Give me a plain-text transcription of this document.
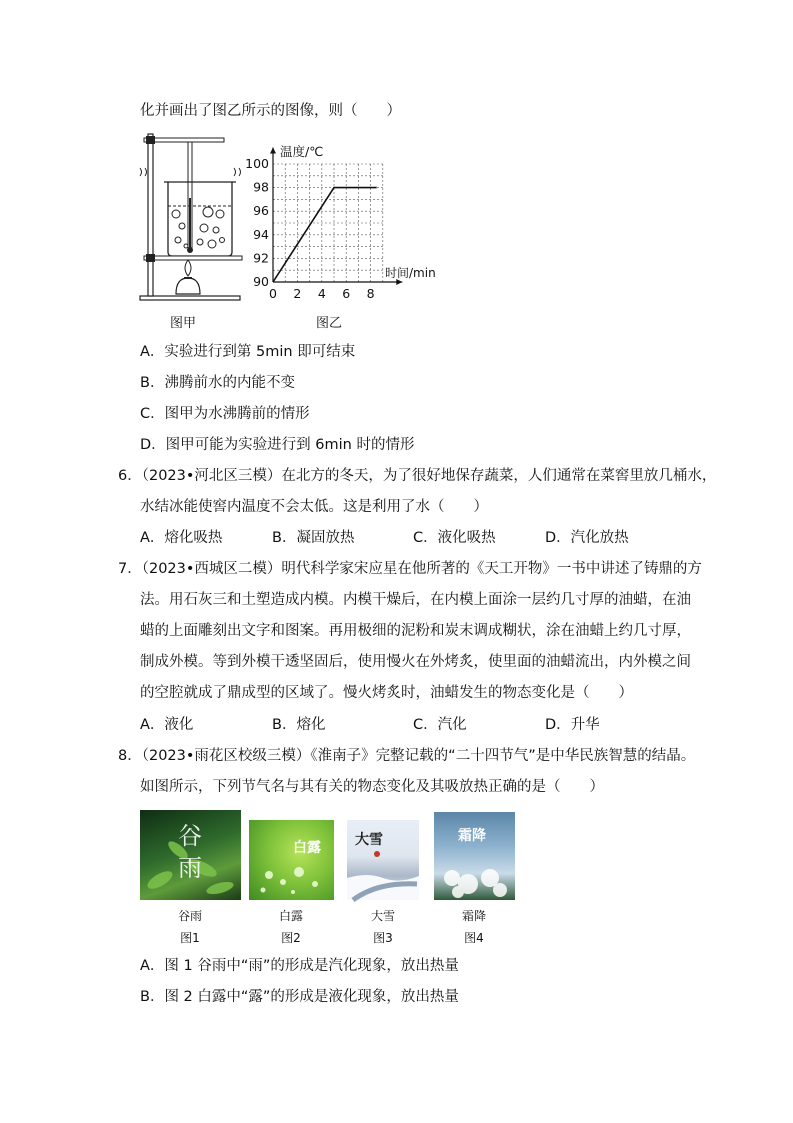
化并画出了图乙所示的图像，则（　　）
图甲
0 2 4 6 8
90
92
94
96
98
100
温度/℃
时间/min
图乙
A．实验进行到第 5min 即可结束
B．沸腾前水的内能不变
C．图甲为水沸腾前的情形
D．图甲可能为实验进行到 6min 时的情形
6．（2023•河北区三模）在北方的冬天，为了很好地保存蔬菜，人们通常在菜窖里放几桶水，
水结冰能使窖内温度不会太低。这是利用了水（　　）
A．熔化吸热	B．凝固放热	C．液化吸热	D．汽化放热
7．（2023•西城区二模）明代科学家宋应星在他所著的《天工开物》一书中讲述了铸鼎的方
法。用石灰三和土塑造成内模。内模干燥后，在内模上面涂一层约几寸厚的油蜡，在油
蜡的上面雕刻出文字和图案。再用极细的泥粉和炭末调成糊状，涂在油蜡上约几寸厚，
制成外模。等到外模干透坚固后，使用慢火在外烤炙，使里面的油蜡流出，内外模之间
的空腔就成了鼎成型的区域了。慢火烤炙时，油蜡发生的物态变化是（　　）
A．液化	B．熔化	C．汽化	D．升华
8．（2023•雨花区校级三模）《淮南子》完整记载的“二十四节气”是中华民族智慧的结晶。
如图所示，下列节气名与其有关的物态变化及其吸放热正确的是（　　）
谷雨
白露 大雪	霜降
谷雨	白露	大雪	霜降
图1	图2	图3	图4
A．图 1 谷雨中“雨”的形成是汽化现象，放出热量
B．图 2 白露中“露”的形成是液化现象，放出热量
